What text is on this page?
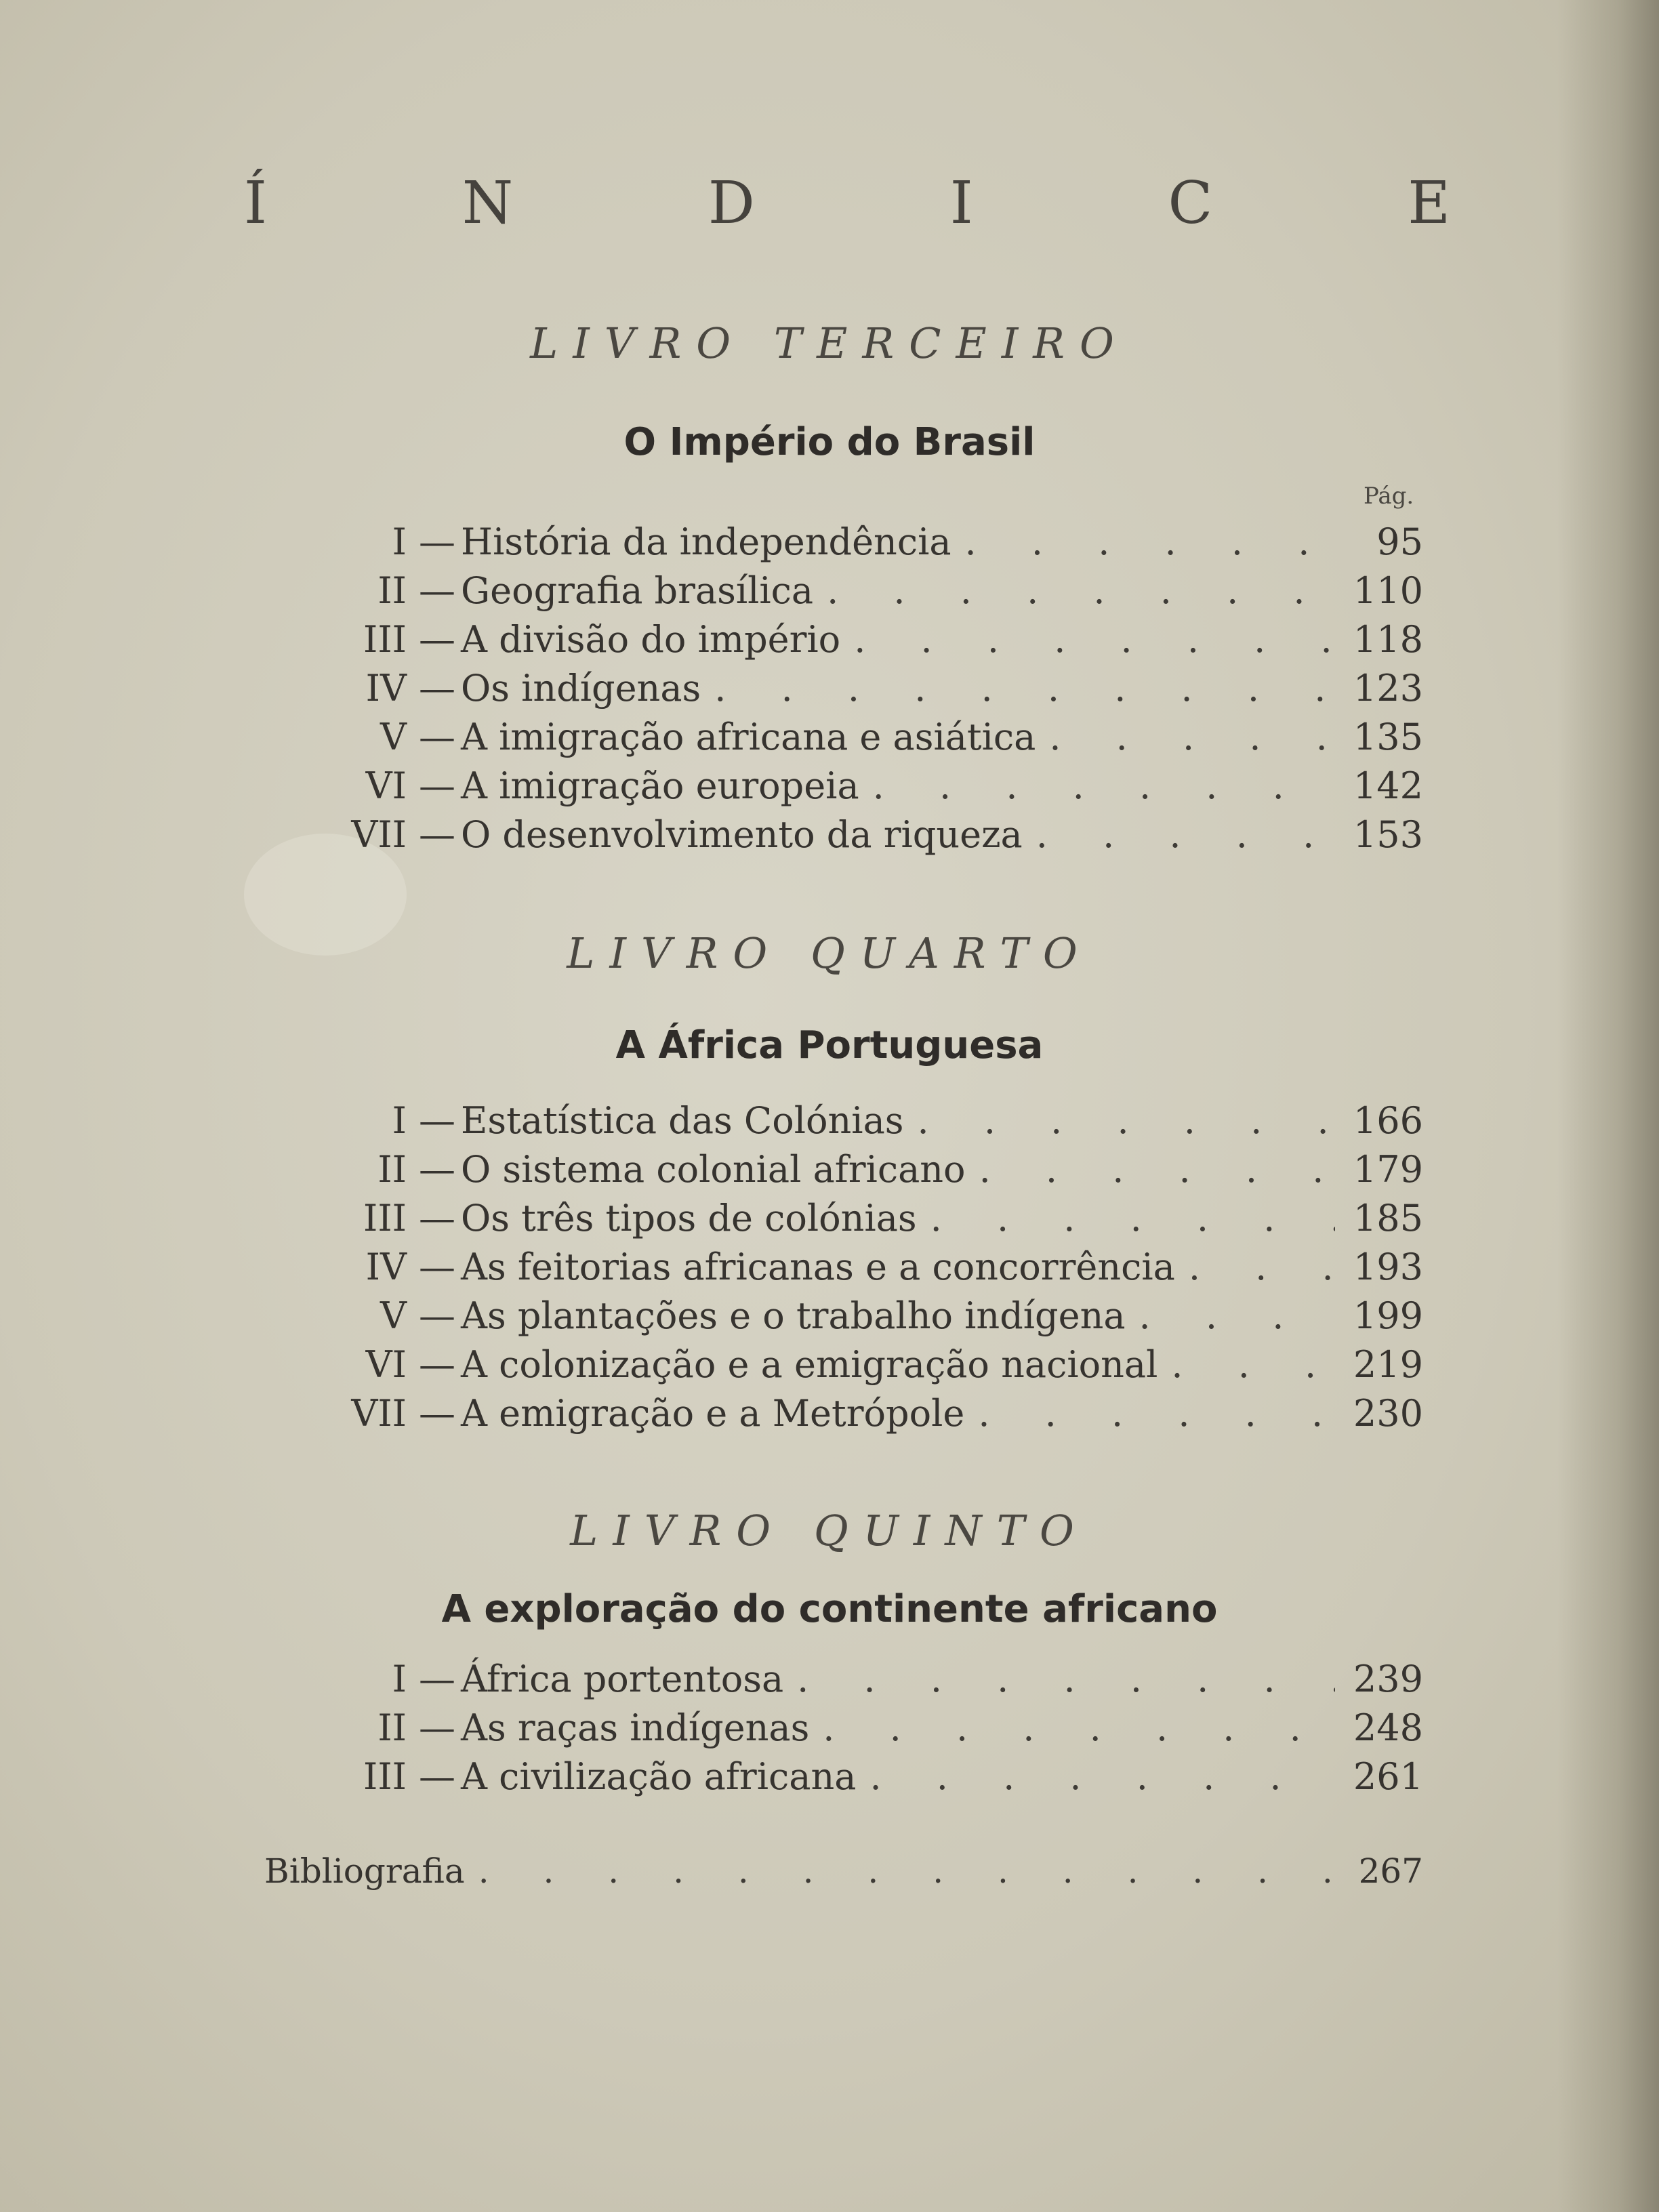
Í	N	D	I	C	E
LIVRO TERCEIRO
O Império do Brasil
Pág.
I — História da independência . . .	95
II — Geografia brasílica . . .	110
III — A divisão do império . . .	118
IV — Os indígenas . . .	123
V — A imigração africana e asiática . . .	135
VI — A imigração europeia . . .	142
VII — O desenvolvimento da riqueza . . .	153
LIVRO QUARTO
A África Portuguesa
I — Estatística das Colónias . . .	166
II — O sistema colonial africano . . .	179
III — Os três tipos de colónias . . .	185
IV — As feitorias africanas e a concorrência . . .	193
V — As plantações e o trabalho indígena . . .	199
VI — A colonização e a emigração nacional . . .	219
VII — A emigração e a Metrópole . . .	230
LIVRO QUINTO
A exploração do continente africano
I — África portentosa . . .	239
II — As raças indígenas . . .	248
III — A civilização africana . . .	261
Bibliografia . . .	267
